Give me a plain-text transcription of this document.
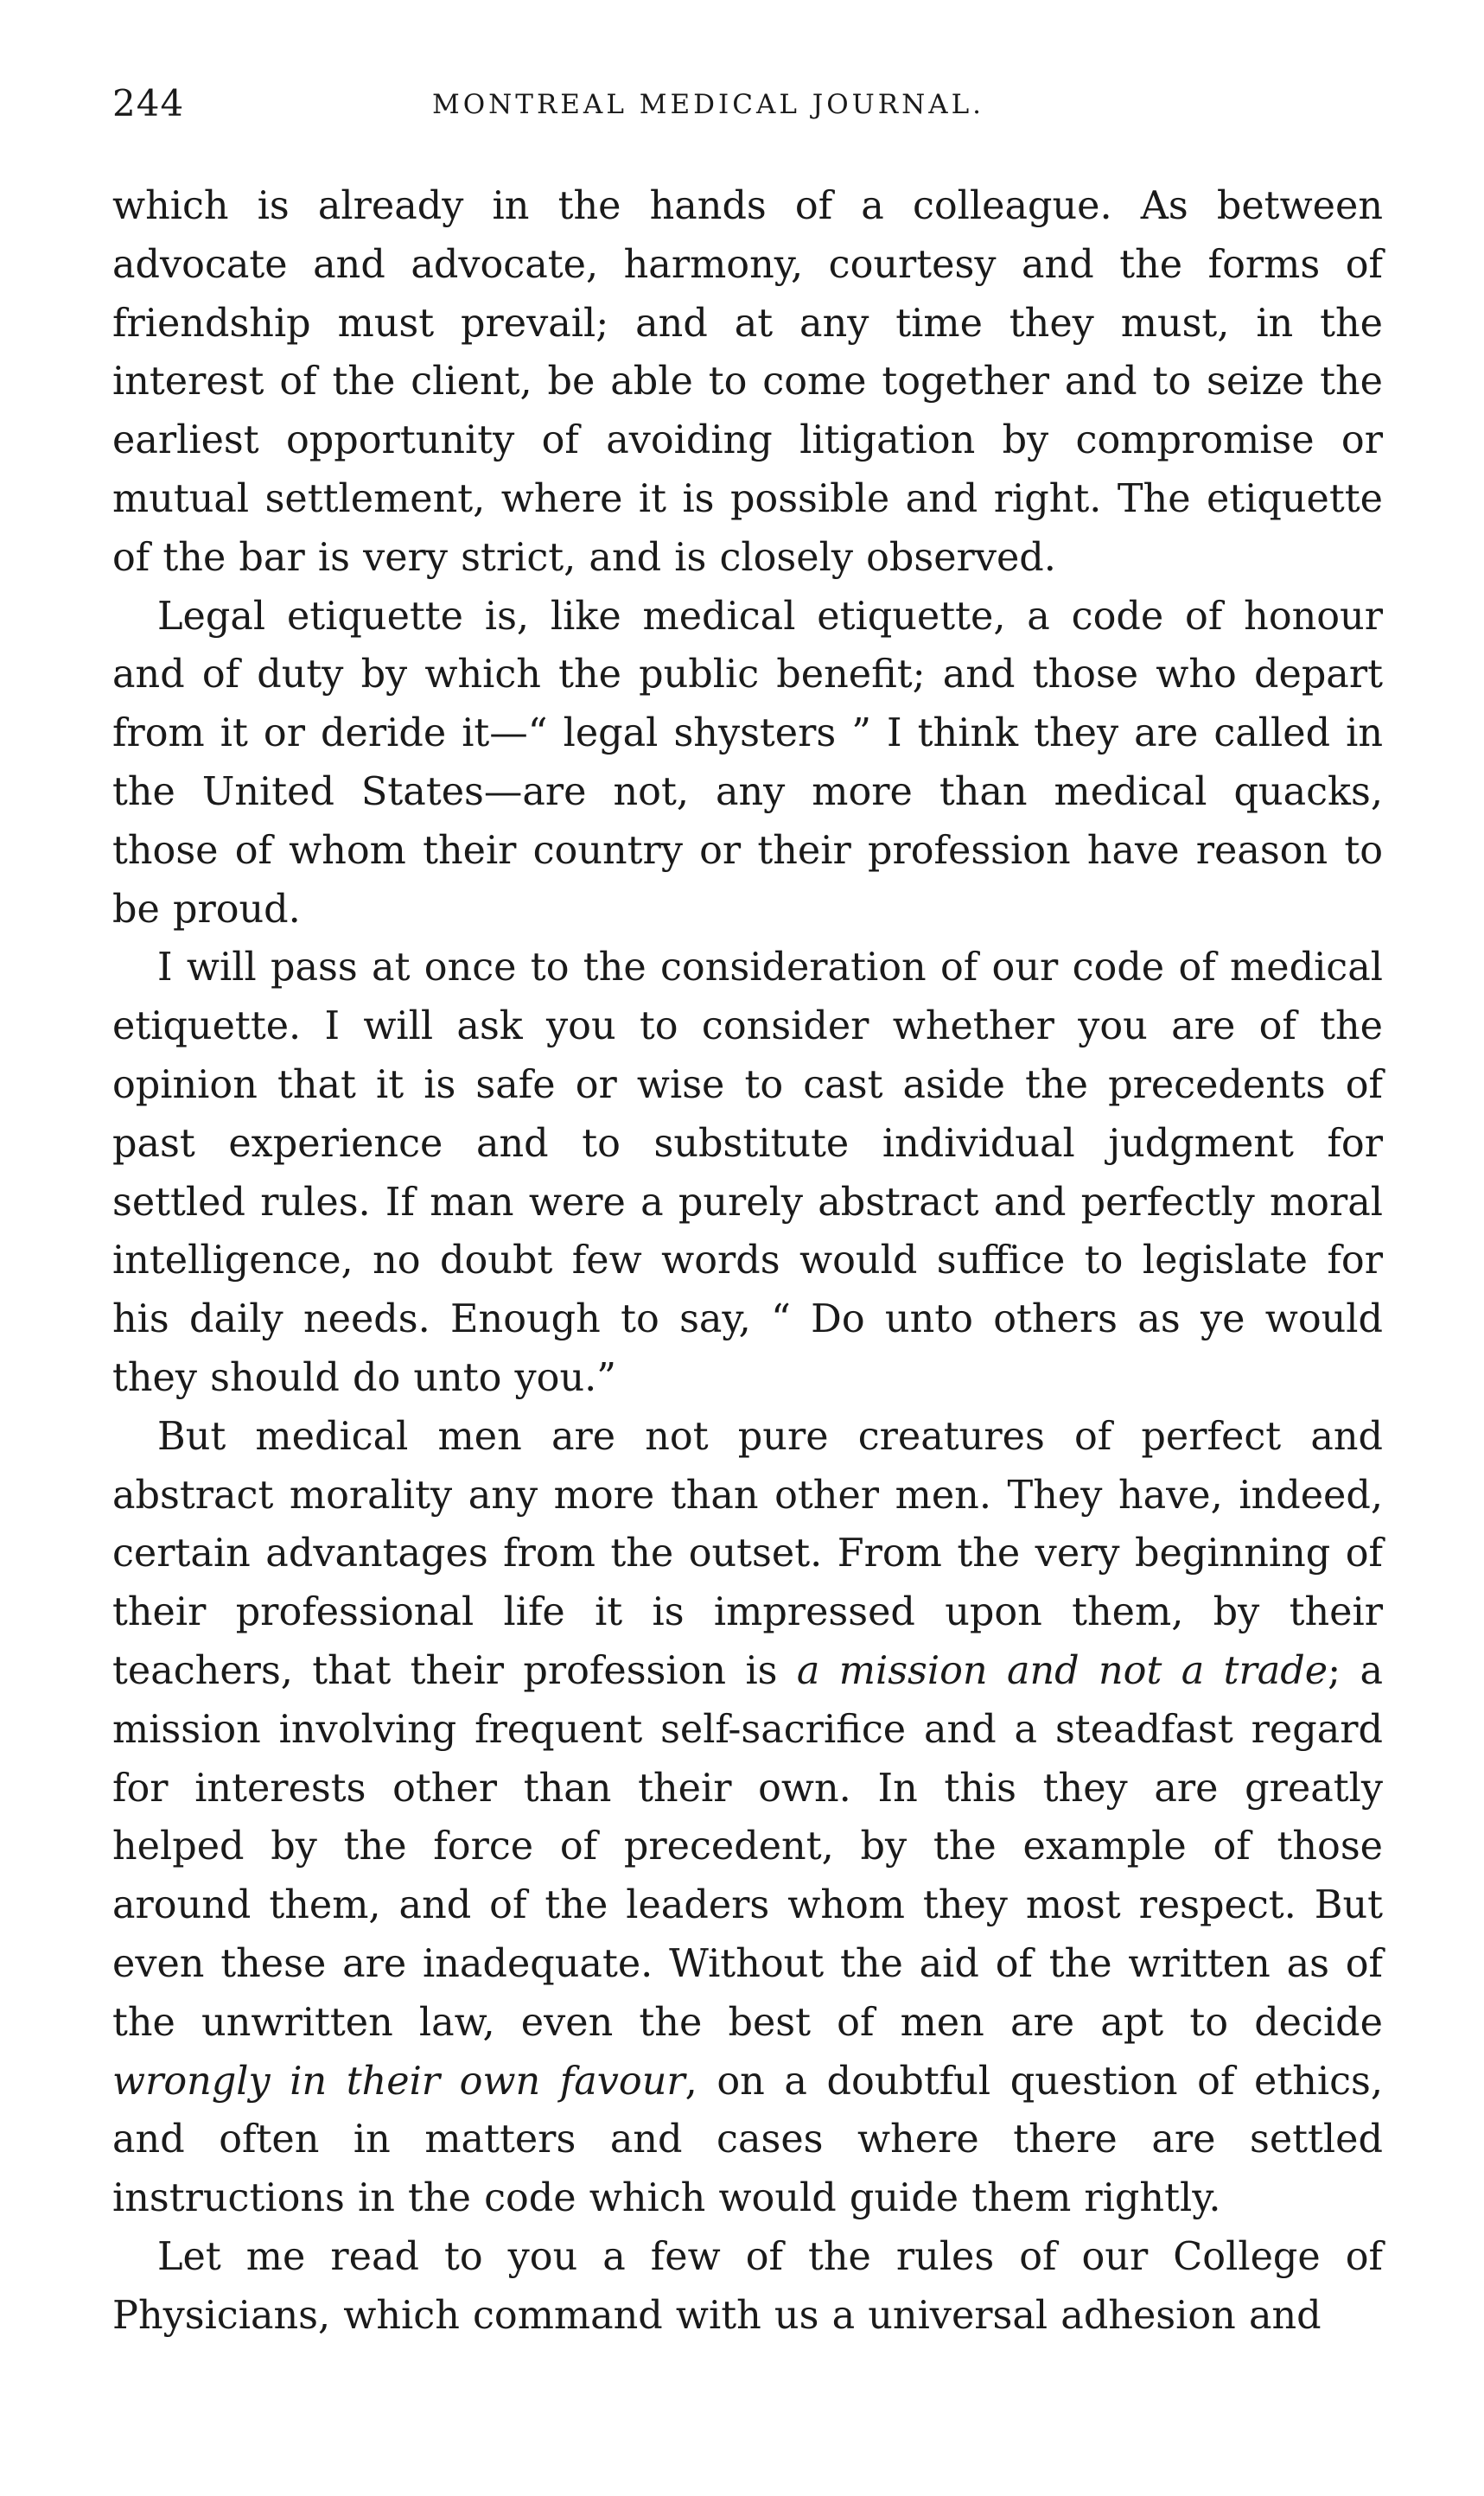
244	MONTREAL MEDICAL JOURNAL.

which is already in the hands of a colleague. As between advocate and advocate, harmony, courtesy and the forms of friendship must prevail; and at any time they must, in the interest of the client, be able to come together and to seize the earliest opportunity of avoiding litigation by compromise or mutual settlement, where it is possible and right. The etiquette of the bar is very strict, and is closely observed.

Legal etiquette is, like medical etiquette, a code of honour and of duty by which the public benefit; and those who depart from it or deride it—“ legal shysters ” I think they are called in the United States—are not, any more than medical quacks, those of whom their country or their profession have reason to be proud.

I will pass at once to the consideration of our code of medical etiquette. I will ask you to consider whether you are of the opinion that it is safe or wise to cast aside the precedents of past experience and to substitute individual judgment for settled rules. If man were a purely abstract and perfectly moral intelligence, no doubt few words would suffice to legislate for his daily needs. Enough to say, “ Do unto others as ye would they should do unto you.”

But medical men are not pure creatures of perfect and abstract morality any more than other men. They have, indeed, certain advantages from the outset. From the very beginning of their professional life it is impressed upon them, by their teachers, that their profession is a mission and not a trade; a mission involving frequent self-sacrifice and a steadfast regard for interests other than their own. In this they are greatly helped by the force of precedent, by the example of those around them, and of the leaders whom they most respect. But even these are inadequate. Without the aid of the written as of the unwritten law, even the best of men are apt to decide wrongly in their own favour, on a doubtful question of ethics, and often in matters and cases where there are settled instructions in the code which would guide them rightly.

Let me read to you a few of the rules of our College of Physicians, which command with us a universal adhesion and
